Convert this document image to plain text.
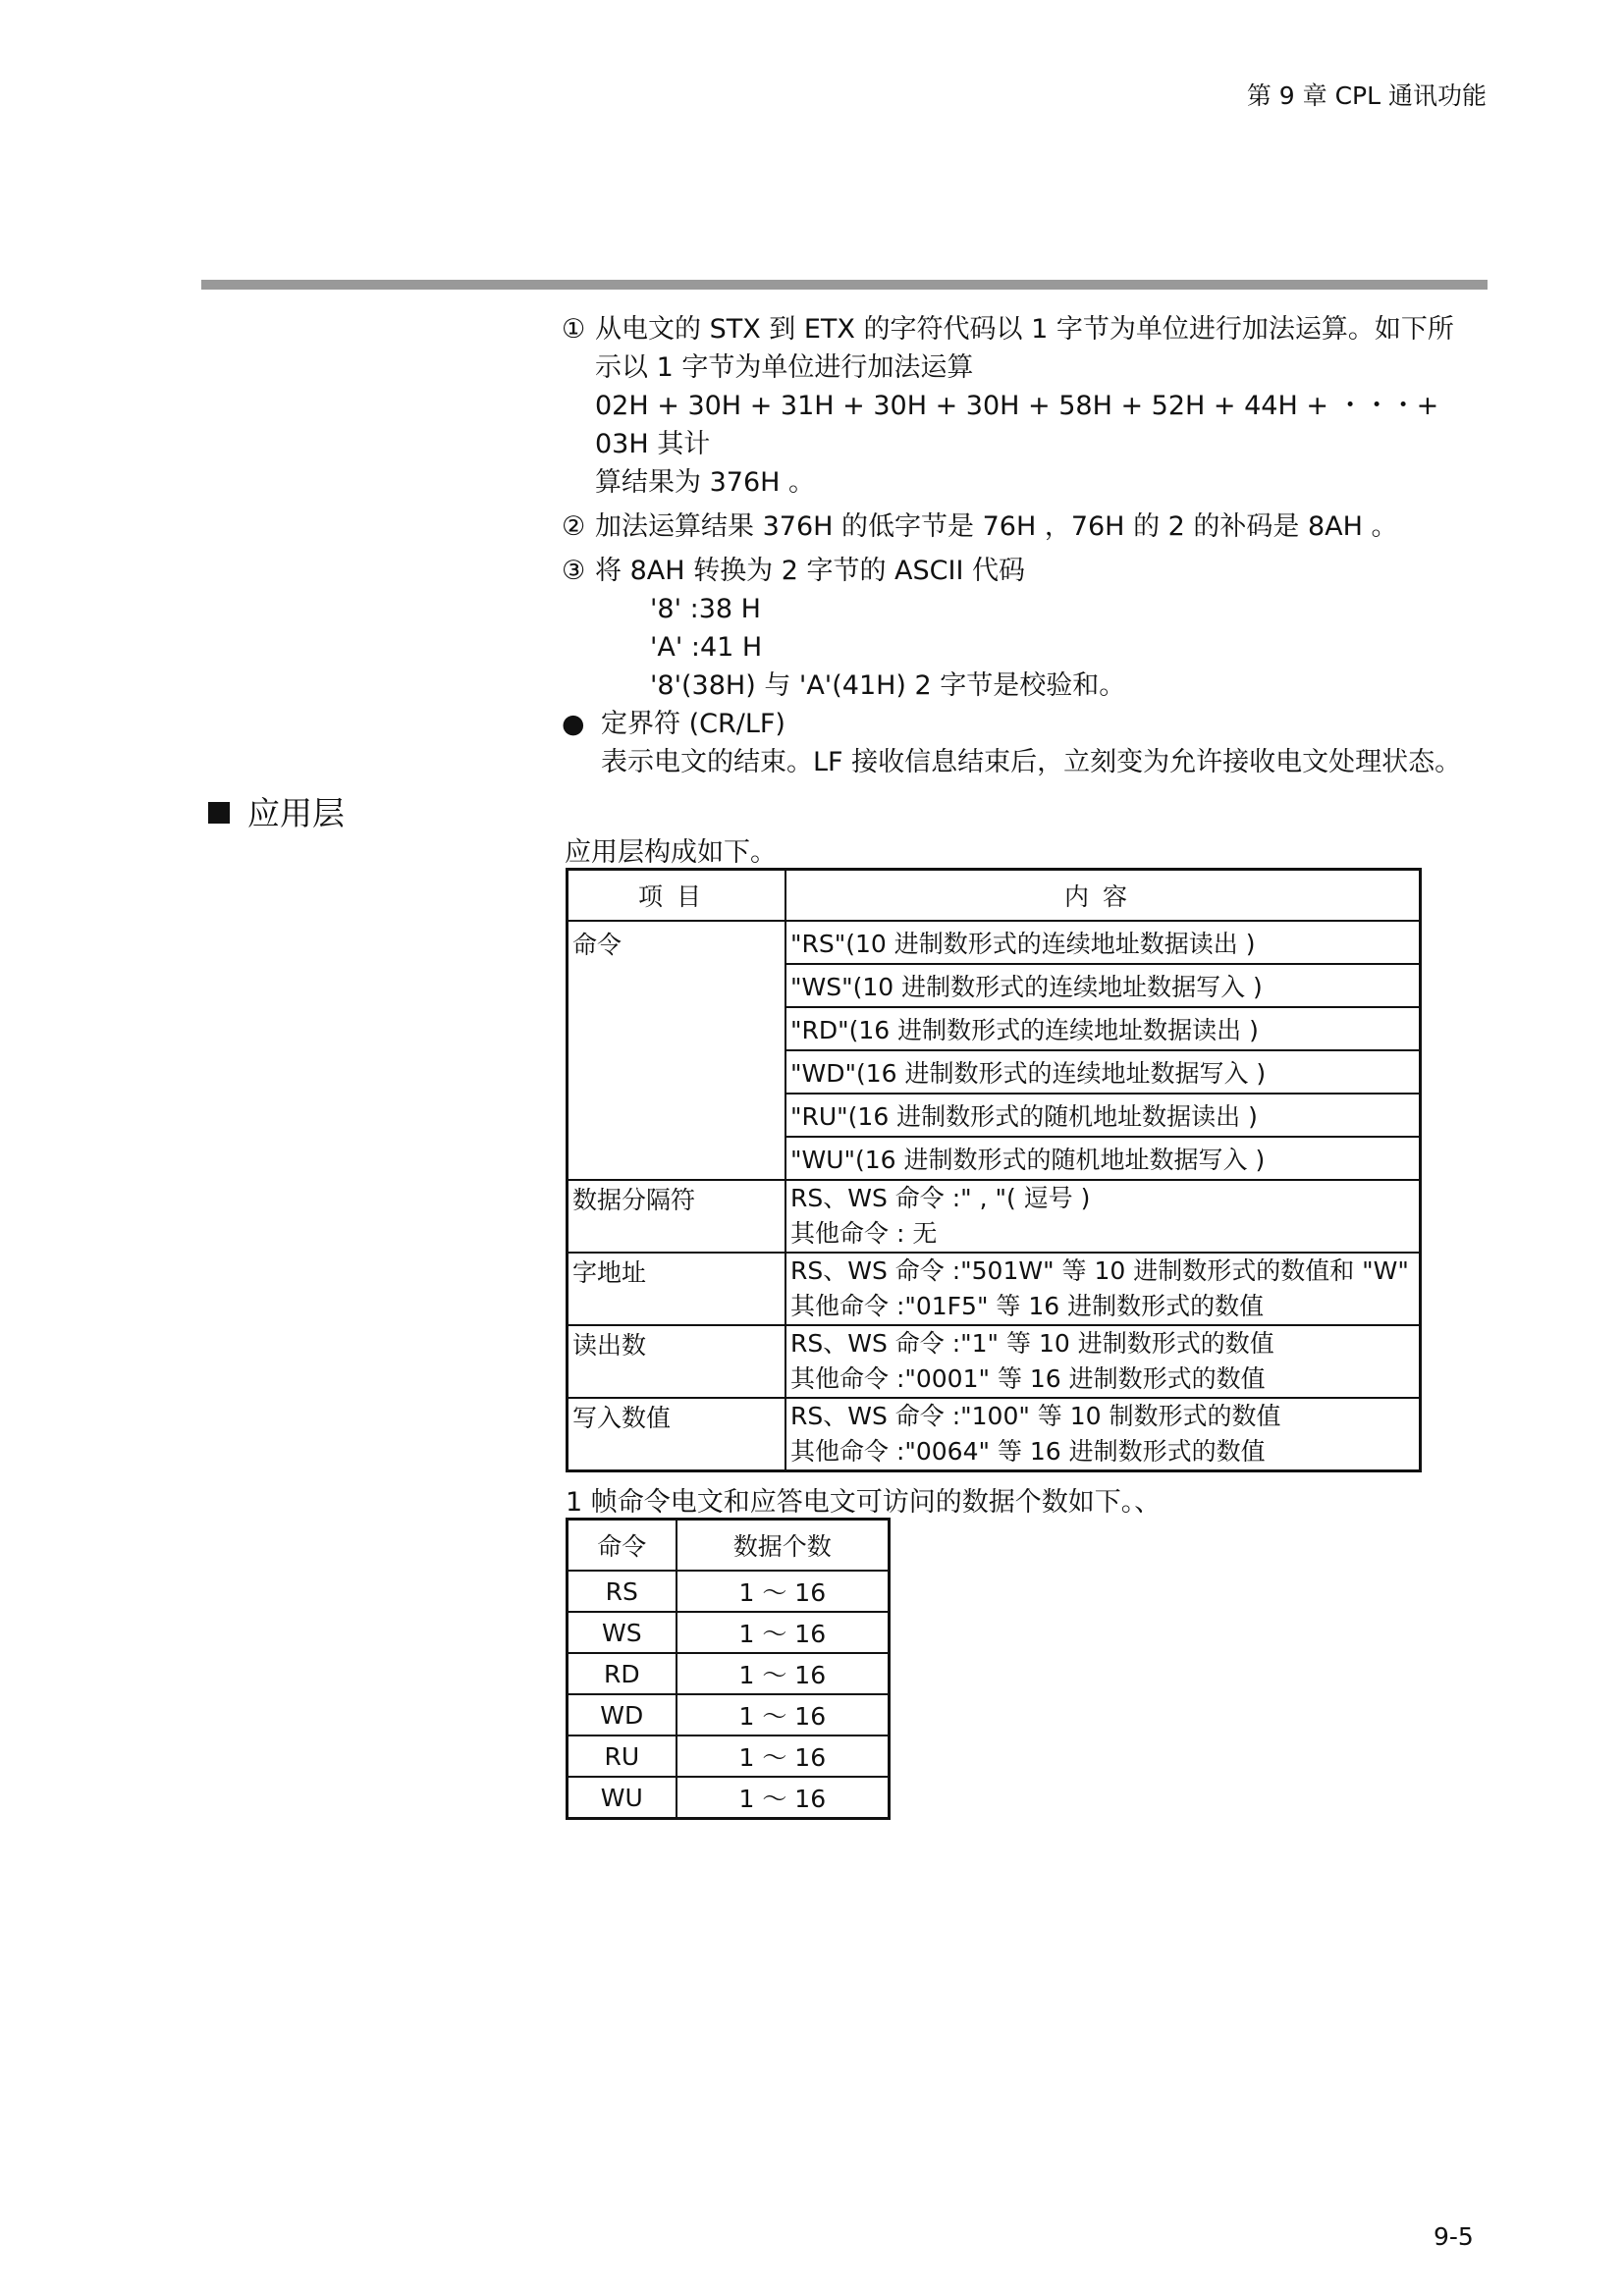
第 9 章 CPL 通讯功能

① 从电文的 STX 到 ETX 的字符代码以 1 字节为单位进行加法运算。如下所

示以 1 字节为单位进行加法运算

02H + 30H + 31H + 30H + 30H + 58H + 52H + 44H + ・・・+ 03H 其计

算结果为 376H 。

② 加法运算结果 376H 的低字节是 76H ，76H 的 2 的补码是 8AH 。

③ 将 8AH 转换为 2 字节的 ASCII 代码

'8' :38 H

'A' :41 H

'8'(38H) 与 'A'(41H) 2 字节是校验和。

● 定界符 (CR/LF)

表示电文的结束。LF 接收信息结束后，立刻变为允许接收电文处理状态。

应用层
应用层构成如下。
项目	内容
命令	"RS"(10 进制数形式的连续地址数据读出 )
	"WS"(10 进制数形式的连续地址数据写入 )
	"RD"(16 进制数形式的连续地址数据读出 )
	"WD"(16 进制数形式的连续地址数据写入 )
	"RU"(16 进制数形式的随机地址数据读出 )
	"WU"(16 进制数形式的随机地址数据写入 )
数据分隔符	RS、WS 命令 :" , "( 逗号 )
其他命令 : 无

字地址	RS、WS 命令 :"501W" 等 10 进制数形式的数值和 "W"
其他命令 :"01F5" 等 16 进制数形式的数值

读出数	RS、WS 命令 :"1" 等 10 进制数形式的数值
其他命令 :"0001" 等 16 进制数形式的数值

写入数值	RS、WS 命令 :"100" 等 10 制数形式的数值
其他命令 :"0064" 等 16 进制数形式的数值
1 帧命令电文和应答电文可访问的数据个数如下。、
命令	数据个数
RS	1 ～ 16
WS	1 ～ 16
RD	1 ～ 16
WD	1 ～ 16
RU	1 ～ 16
WU	1 ～ 16
9-5
